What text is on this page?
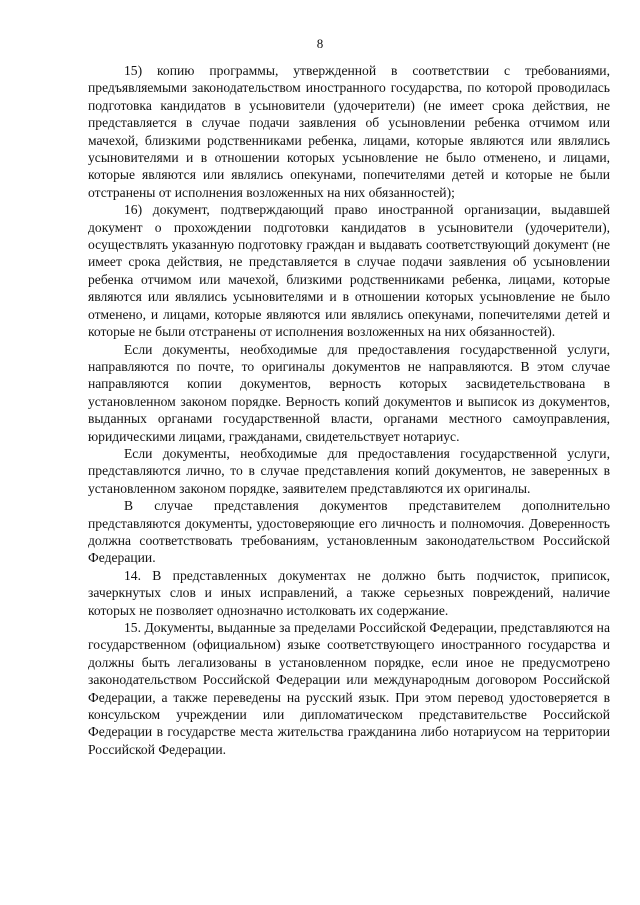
8

15) копию программы, утвержденной в соответствии с требованиями, предъявляемыми законодательством иностранного государства, по которой проводилась подготовка кандидатов в усыновители (удочерители) (не имеет срока действия, не представляется в случае подачи заявления об усыновлении ребенка отчимом или мачехой, близкими родственниками ребенка, лицами, которые являются или являлись усыновителями и в отношении которых усыновление не было отменено, и лицами, которые являются или являлись опекунами, попечителями детей и которые не были отстранены от исполнения возложенных на них обязанностей);

16) документ, подтверждающий право иностранной организации, выдавшей документ о прохождении подготовки кандидатов в усыновители (удочерители), осуществлять указанную подготовку граждан и выдавать соответствующий документ (не имеет срока действия, не представляется в случае подачи заявления об усыновлении ребенка отчимом или мачехой, близкими родственниками ребенка, лицами, которые являются или являлись усыновителями и в отношении которых усыновление не было отменено, и лицами, которые являются или являлись опекунами, попечителями детей и которые не были отстранены от исполнения возложенных на них обязанностей).

Если документы, необходимые для предоставления государственной услуги, направляются по почте, то оригиналы документов не направляются. В этом случае направляются копии документов, верность которых засвидетельствована в установленном законом порядке. Верность копий документов и выписок из документов, выданных органами государственной власти, органами местного самоуправления, юридическими лицами, гражданами, свидетельствует нотариус.

Если документы, необходимые для предоставления государственной услуги, представляются лично, то в случае представления копий документов, не заверенных в установленном законом порядке, заявителем представляются их оригиналы.

В случае представления документов представителем дополнительно представляются документы, удостоверяющие его личность и полномочия. Доверенность должна соответствовать требованиям, установленным законодательством Российской Федерации.

14. В представленных документах не должно быть подчисток, приписок, зачеркнутых слов и иных исправлений, а также серьезных повреждений, наличие которых не позволяет однозначно истолковать их содержание.

15. Документы, выданные за пределами Российской Федерации, представляются на государственном (официальном) языке соответствующего иностранного государства и должны быть легализованы в установленном порядке, если иное не предусмотрено законодательством Российской Федерации или международным договором Российской Федерации, а также переведены на русский язык. При этом перевод удостоверяется в консульском учреждении или дипломатическом представительстве Российской Федерации в государстве места жительства гражданина либо нотариусом на территории Российской Федерации.
